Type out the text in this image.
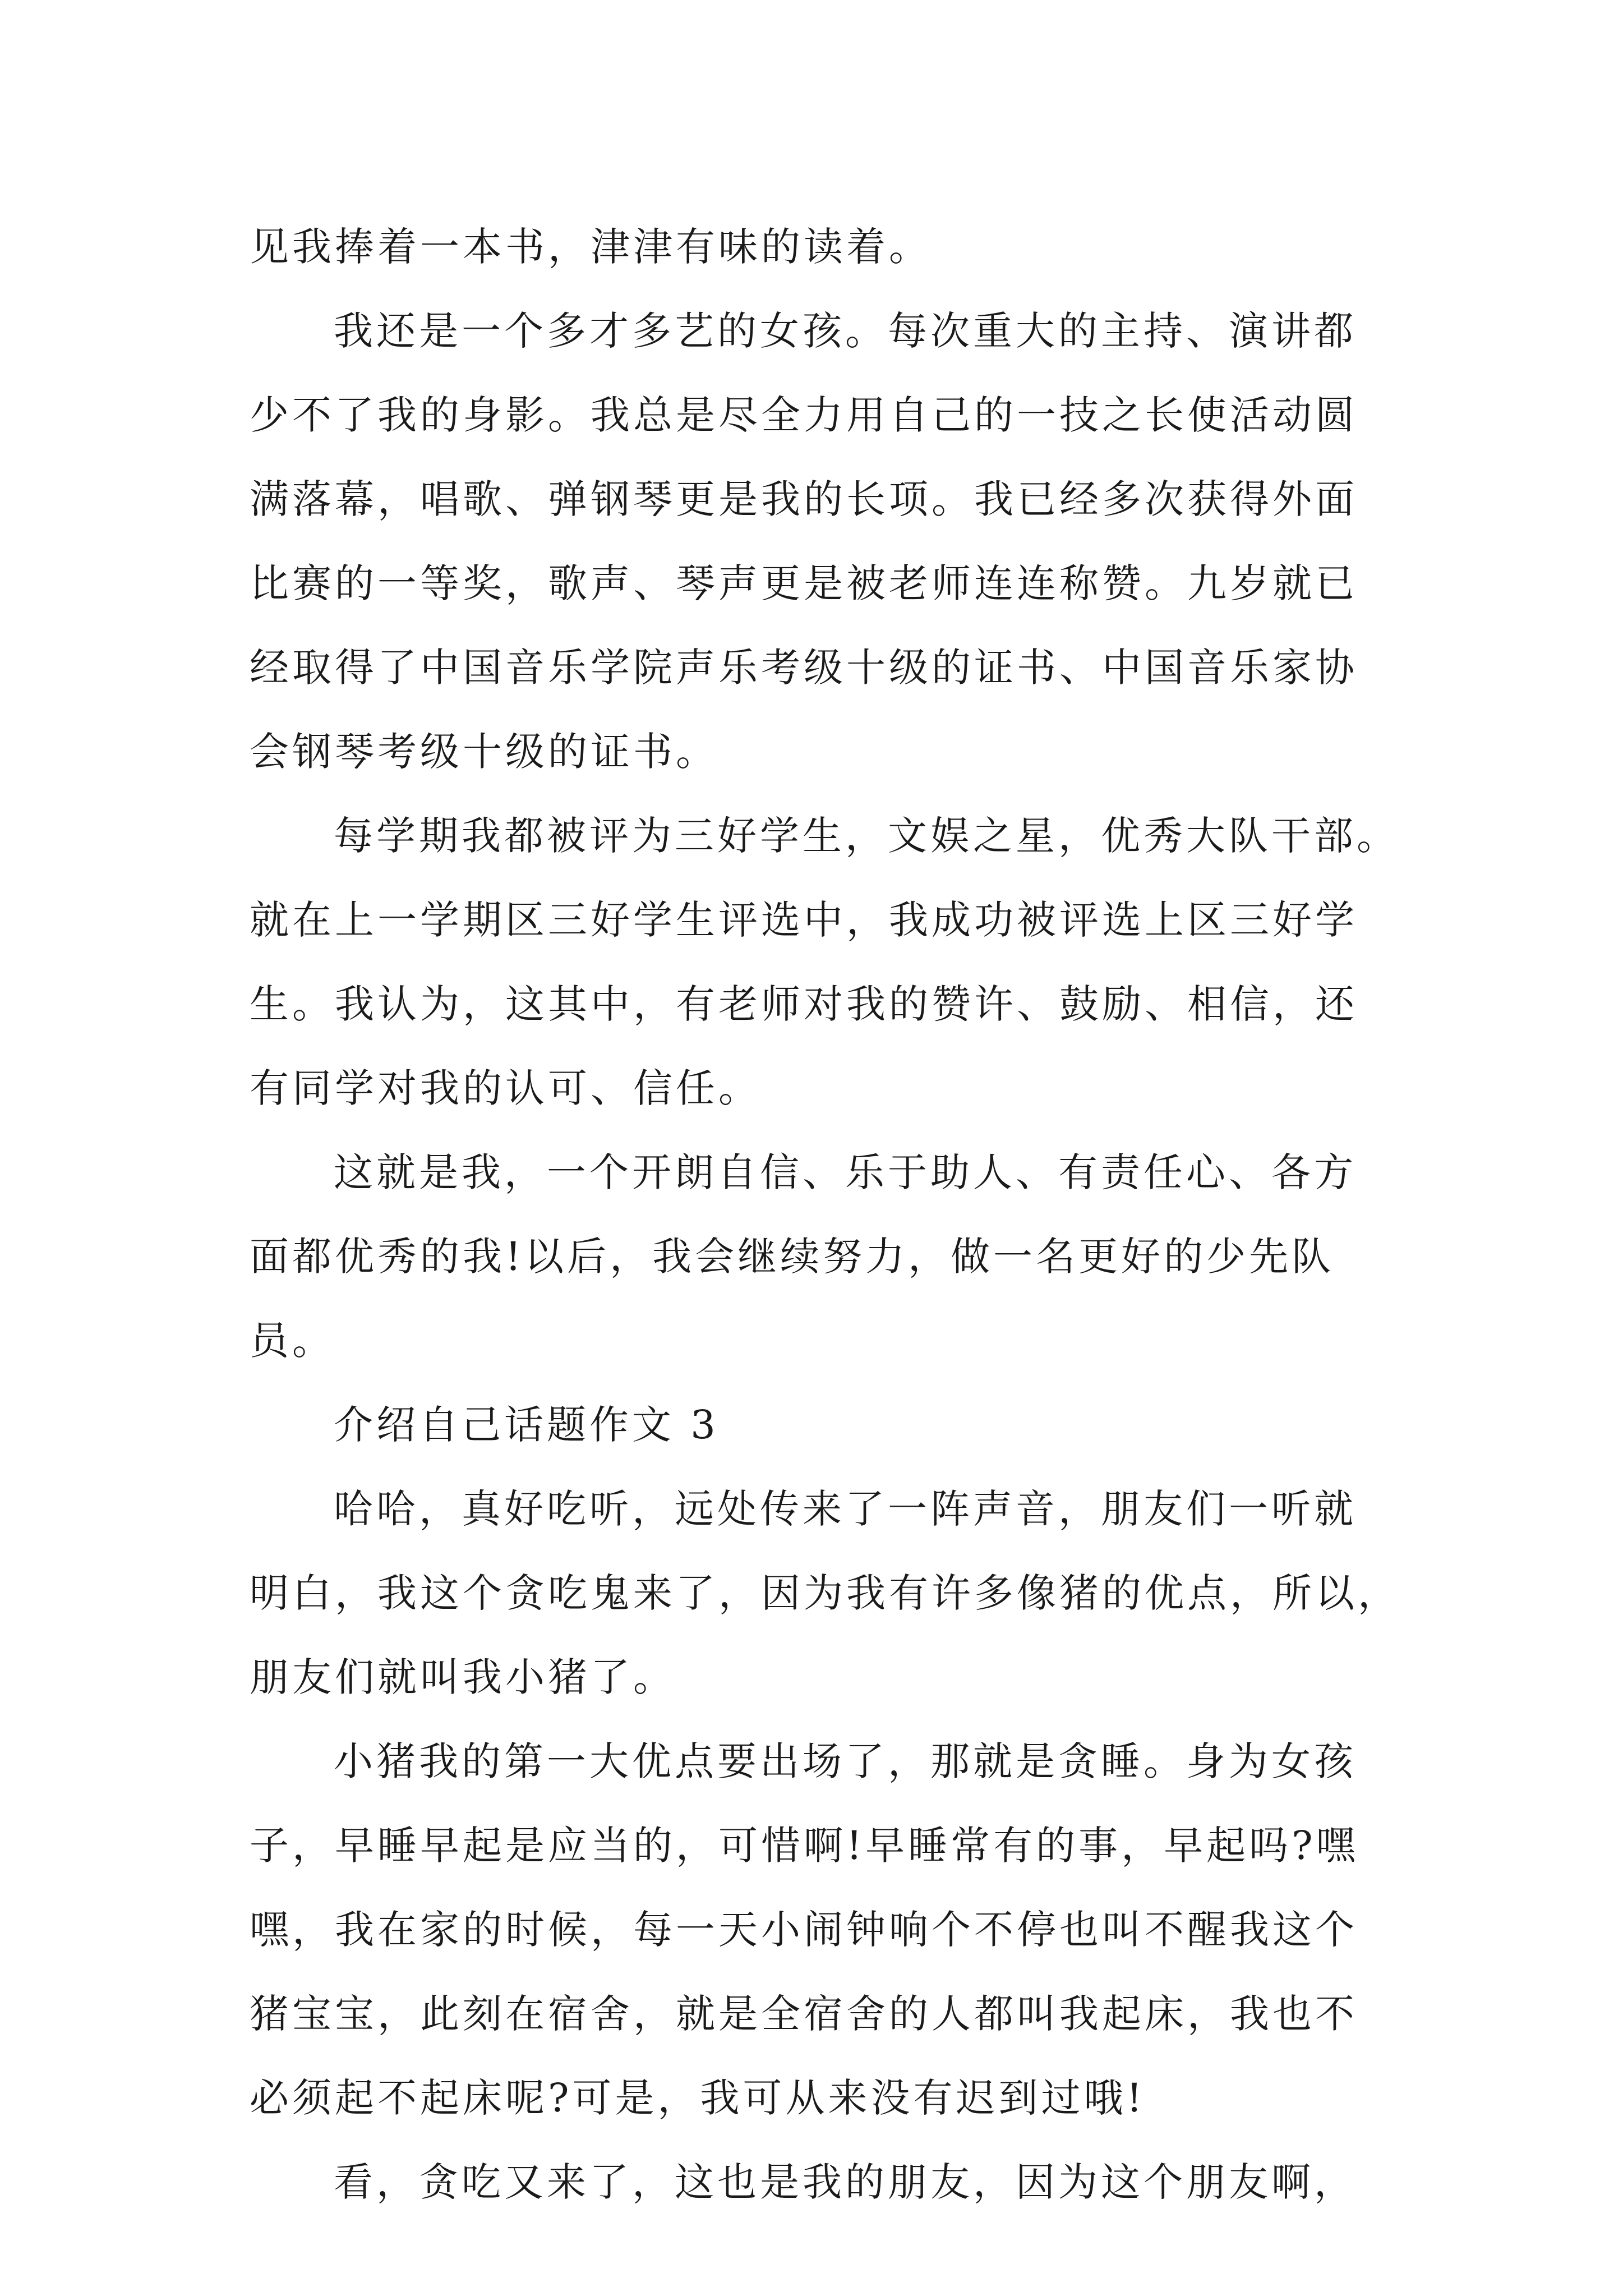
见我捧着一本书，津津有味的读着。
我还是一个多才多艺的女孩。每次重大的主持、演讲都
少不了我的身影。我总是尽全力用自己的一技之长使活动圆
满落幕，唱歌、弹钢琴更是我的长项。我已经多次获得外面
比赛的一等奖，歌声、琴声更是被老师连连称赞。九岁就已
经取得了中国音乐学院声乐考级十级的证书、中国音乐家协
会钢琴考级十级的证书。
每学期我都被评为三好学生，文娱之星，优秀大队干部。
就在上一学期区三好学生评选中，我成功被评选上区三好学
生。我认为，这其中，有老师对我的赞许、鼓励、相信，还
有同学对我的认可、信任。
这就是我，一个开朗自信、乐于助人、有责任心、各方
面都优秀的我!以后，我会继续努力，做一名更好的少先队
员。
介绍自己话题作文 3
哈哈，真好吃听，远处传来了一阵声音，朋友们一听就
明白，我这个贪吃鬼来了，因为我有许多像猪的优点，所以，
朋友们就叫我小猪了。
小猪我的第一大优点要出场了，那就是贪睡。身为女孩
子，早睡早起是应当的，可惜啊!早睡常有的事，早起吗?嘿
嘿，我在家的时候，每一天小闹钟响个不停也叫不醒我这个
猪宝宝，此刻在宿舍，就是全宿舍的人都叫我起床，我也不
必须起不起床呢?可是，我可从来没有迟到过哦!
看，贪吃又来了，这也是我的朋友，因为这个朋友啊，
